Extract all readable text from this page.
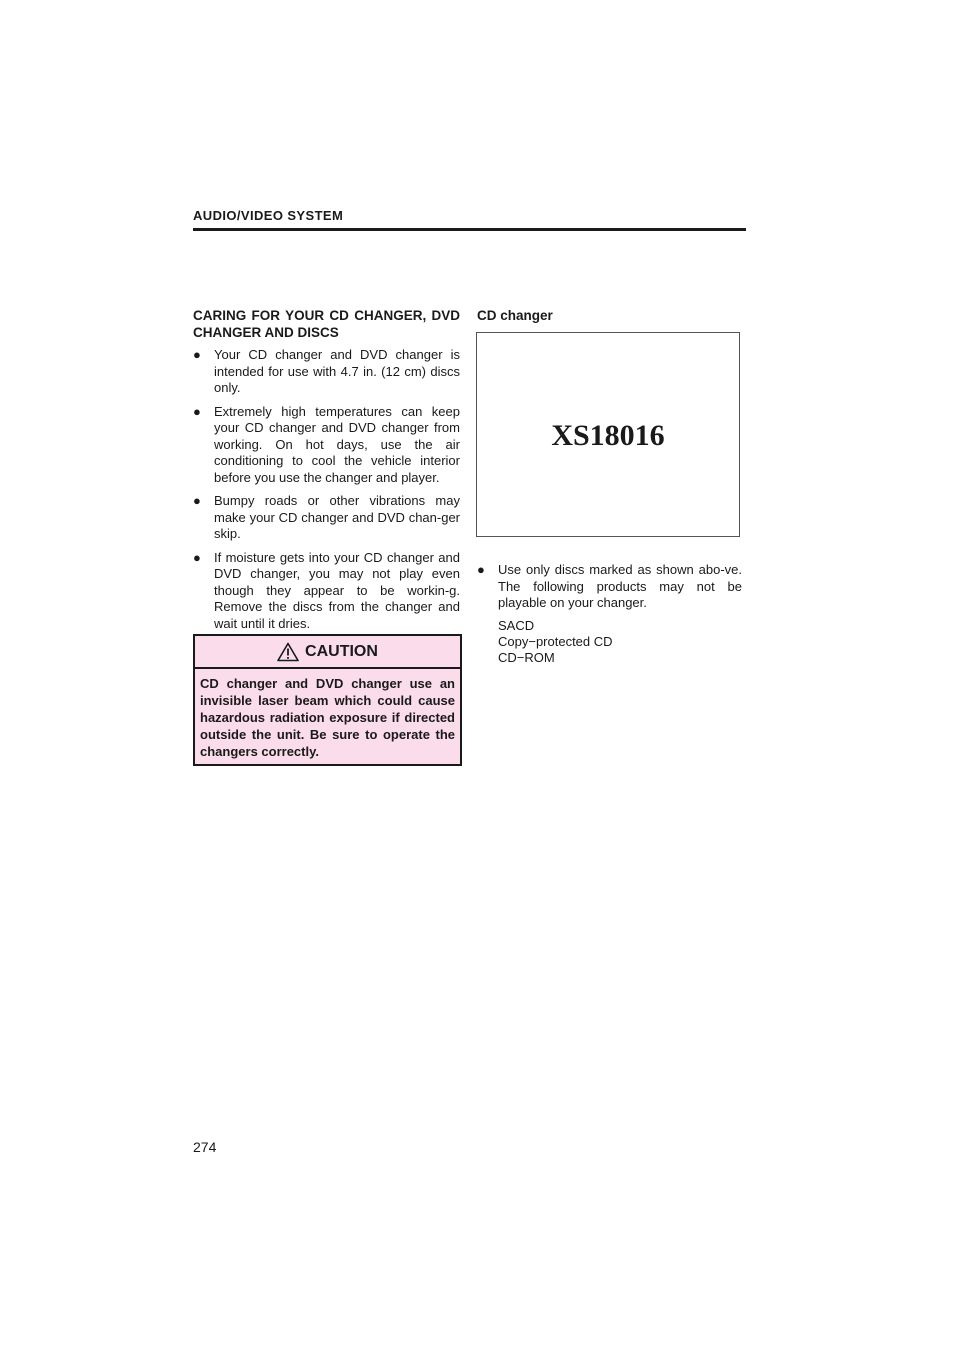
AUDIO/VIDEO SYSTEM
CARING FOR YOUR CD CHANGER, DVD CHANGER AND DISCS
● Your CD changer and DVD changer is intended for use with 4.7 in. (12 cm) discs only.
● Extremely high temperatures can keep your CD changer and DVD changer from working. On hot days, use the air conditioning to cool the vehicle interior before you use the changer and player.
● Bumpy roads or other vibrations may make your CD changer and DVD chan-ger skip.
● If moisture gets into your CD changer and DVD changer, you may not play even though they appear to be workin-g. Remove the discs from the changer and wait until it dries.
CAUTION
CD changer and DVD changer use an invisible laser beam which could cause hazardous radiation exposure if directed outside the unit. Be sure to operate the changers correctly.
CD changer
XS18016
● Use only discs marked as shown abo-ve. The following products may not be playable on your changer.
SACD
Copy−protected CD
CD−ROM
274
